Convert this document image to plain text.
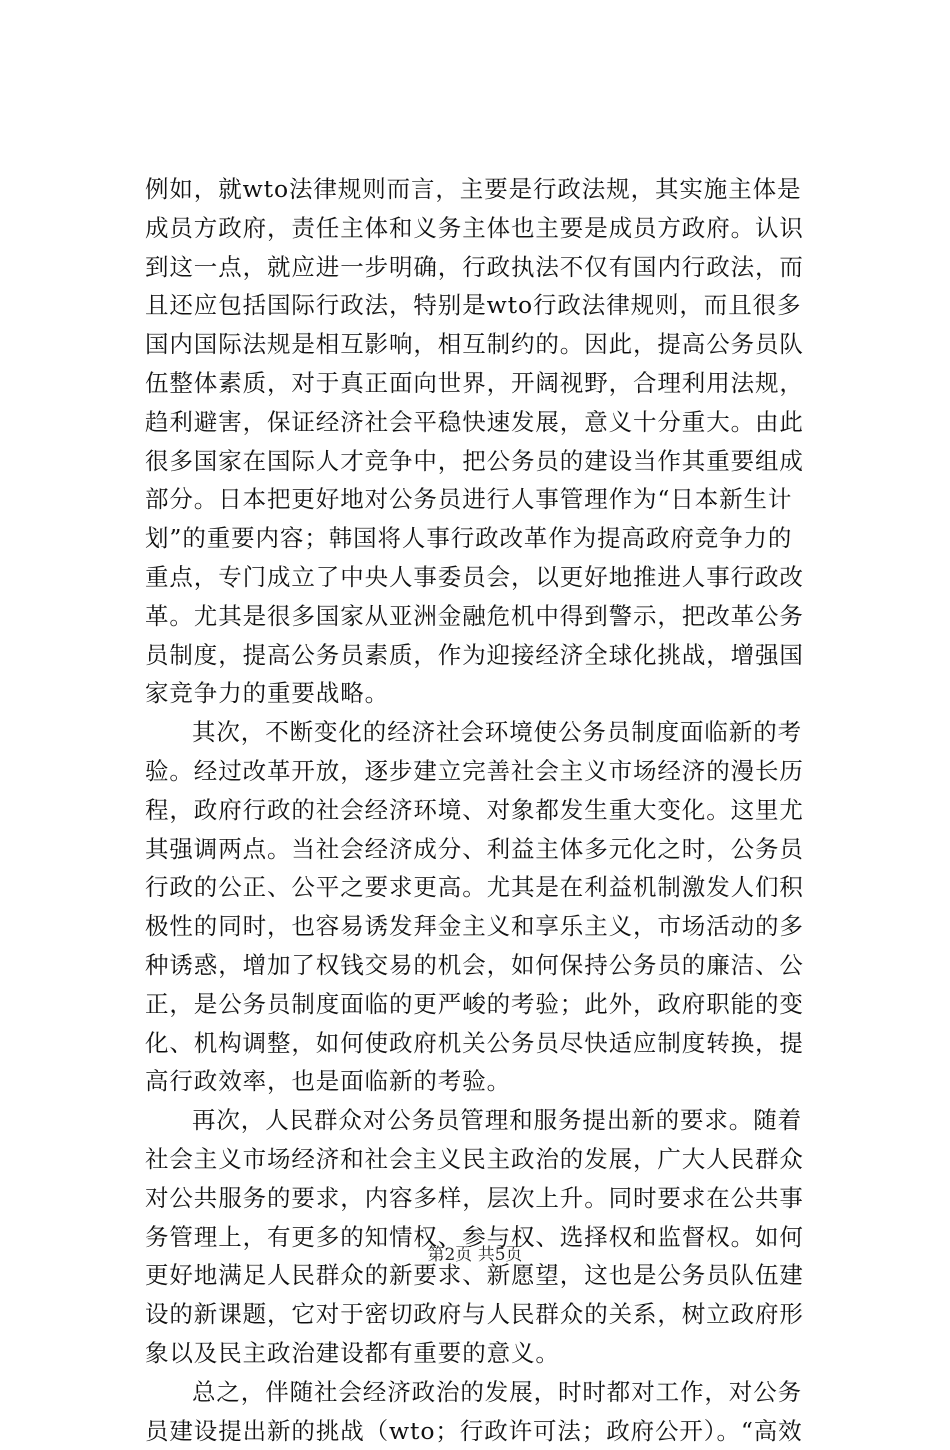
例如，就wto法律规则而言，主要是行政法规，其实施主体是
成员方政府，责任主体和义务主体也主要是成员方政府。认识
到这一点，就应进一步明确，行政执法不仅有国内行政法，而
且还应包括国际行政法，特别是wto行政法律规则，而且很多
国内国际法规是相互影响，相互制约的。因此，提高公务员队
伍整体素质，对于真正面向世界，开阔视野，合理利用法规，
趋利避害，保证经济社会平稳快速发展，意义十分重大。由此
很多国家在国际人才竞争中，把公务员的建设当作其重要组成
部分。日本把更好地对公务员进行人事管理作为“日本新生计
划”的重要内容；韩国将人事行政改革作为提高政府竞争力的
重点，专门成立了中央人事委员会，以更好地推进人事行政改
革。尤其是很多国家从亚洲金融危机中得到警示，把改革公务
员制度，提高公务员素质，作为迎接经济全球化挑战，增强国
家竞争力的重要战略。
其次，不断变化的经济社会环境使公务员制度面临新的考
验。经过改革开放，逐步建立完善社会主义市场经济的漫长历
程，政府行政的社会经济环境、对象都发生重大变化。这里尤
其强调两点。当社会经济成分、利益主体多元化之时，公务员
行政的公正、公平之要求更高。尤其是在利益机制激发人们积
极性的同时，也容易诱发拜金主义和享乐主义，市场活动的多
种诱惑，增加了权钱交易的机会，如何保持公务员的廉洁、公
正，是公务员制度面临的更严峻的考验；此外，政府职能的变
化、机构调整，如何使政府机关公务员尽快适应制度转换，提
高行政效率，也是面临新的考验。
再次，人民群众对公务员管理和服务提出新的要求。随着
社会主义市场经济和社会主义民主政治的发展，广大人民群众
对公共服务的要求，内容多样，层次上升。同时要求在公共事
务管理上，有更多的知情权、参与权、选择权和监督权。如何
更好地满足人民群众的新要求、新愿望，这也是公务员队伍建
设的新课题，它对于密切政府与人民群众的关系，树立政府形
象以及民主政治建设都有重要的意义。
总之，伴随社会经济政治的发展，时时都对工作，对公务
员建设提出新的挑战（wto；行政许可法；政府公开）。“高效
第2页 共5页
